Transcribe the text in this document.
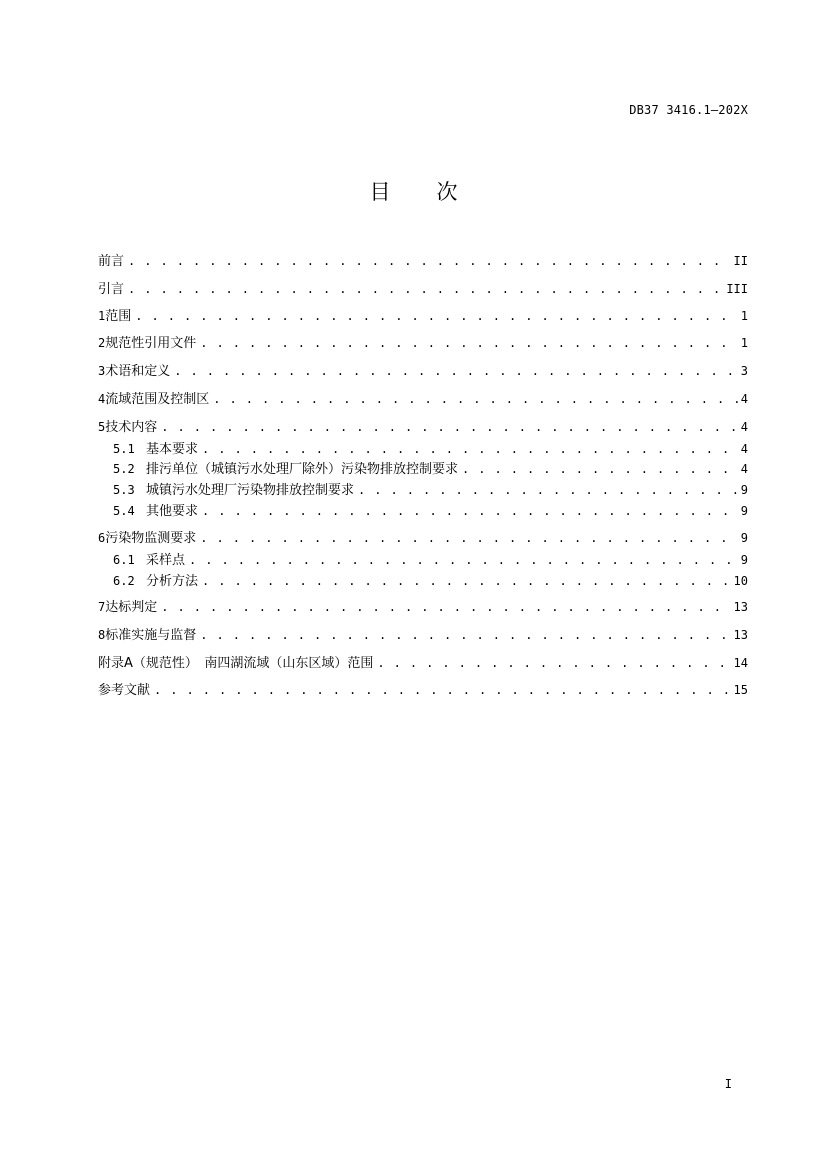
DB37 3416.1—202X
目次
前言 . . .	II
引言 . . .	III
1 范围 . . .	1
2 规范性引用文件 . . .	1
3 术语和定义 . . .	3
4 流域范围及控制区 . . .	4
5 技术内容 . . .	4
5.1 基本要求 . . .	4
5.2 排污单位（城镇污水处理厂除外）污染物排放控制要求 . . .	4
5.3 城镇污水处理厂污染物排放控制要求 . . .	9
5.4 其他要求 . . .	9
6 污染物监测要求 . . .	9
6.1 采样点 . . .	9
6.2 分析方法 . . .	10
7 达标判定 . . .	13
8 标准实施与监督 . . .	13
附录A（规范性）　南四湖流域（山东区域）范围 . . .	14
参考文献 . . .	15
I
